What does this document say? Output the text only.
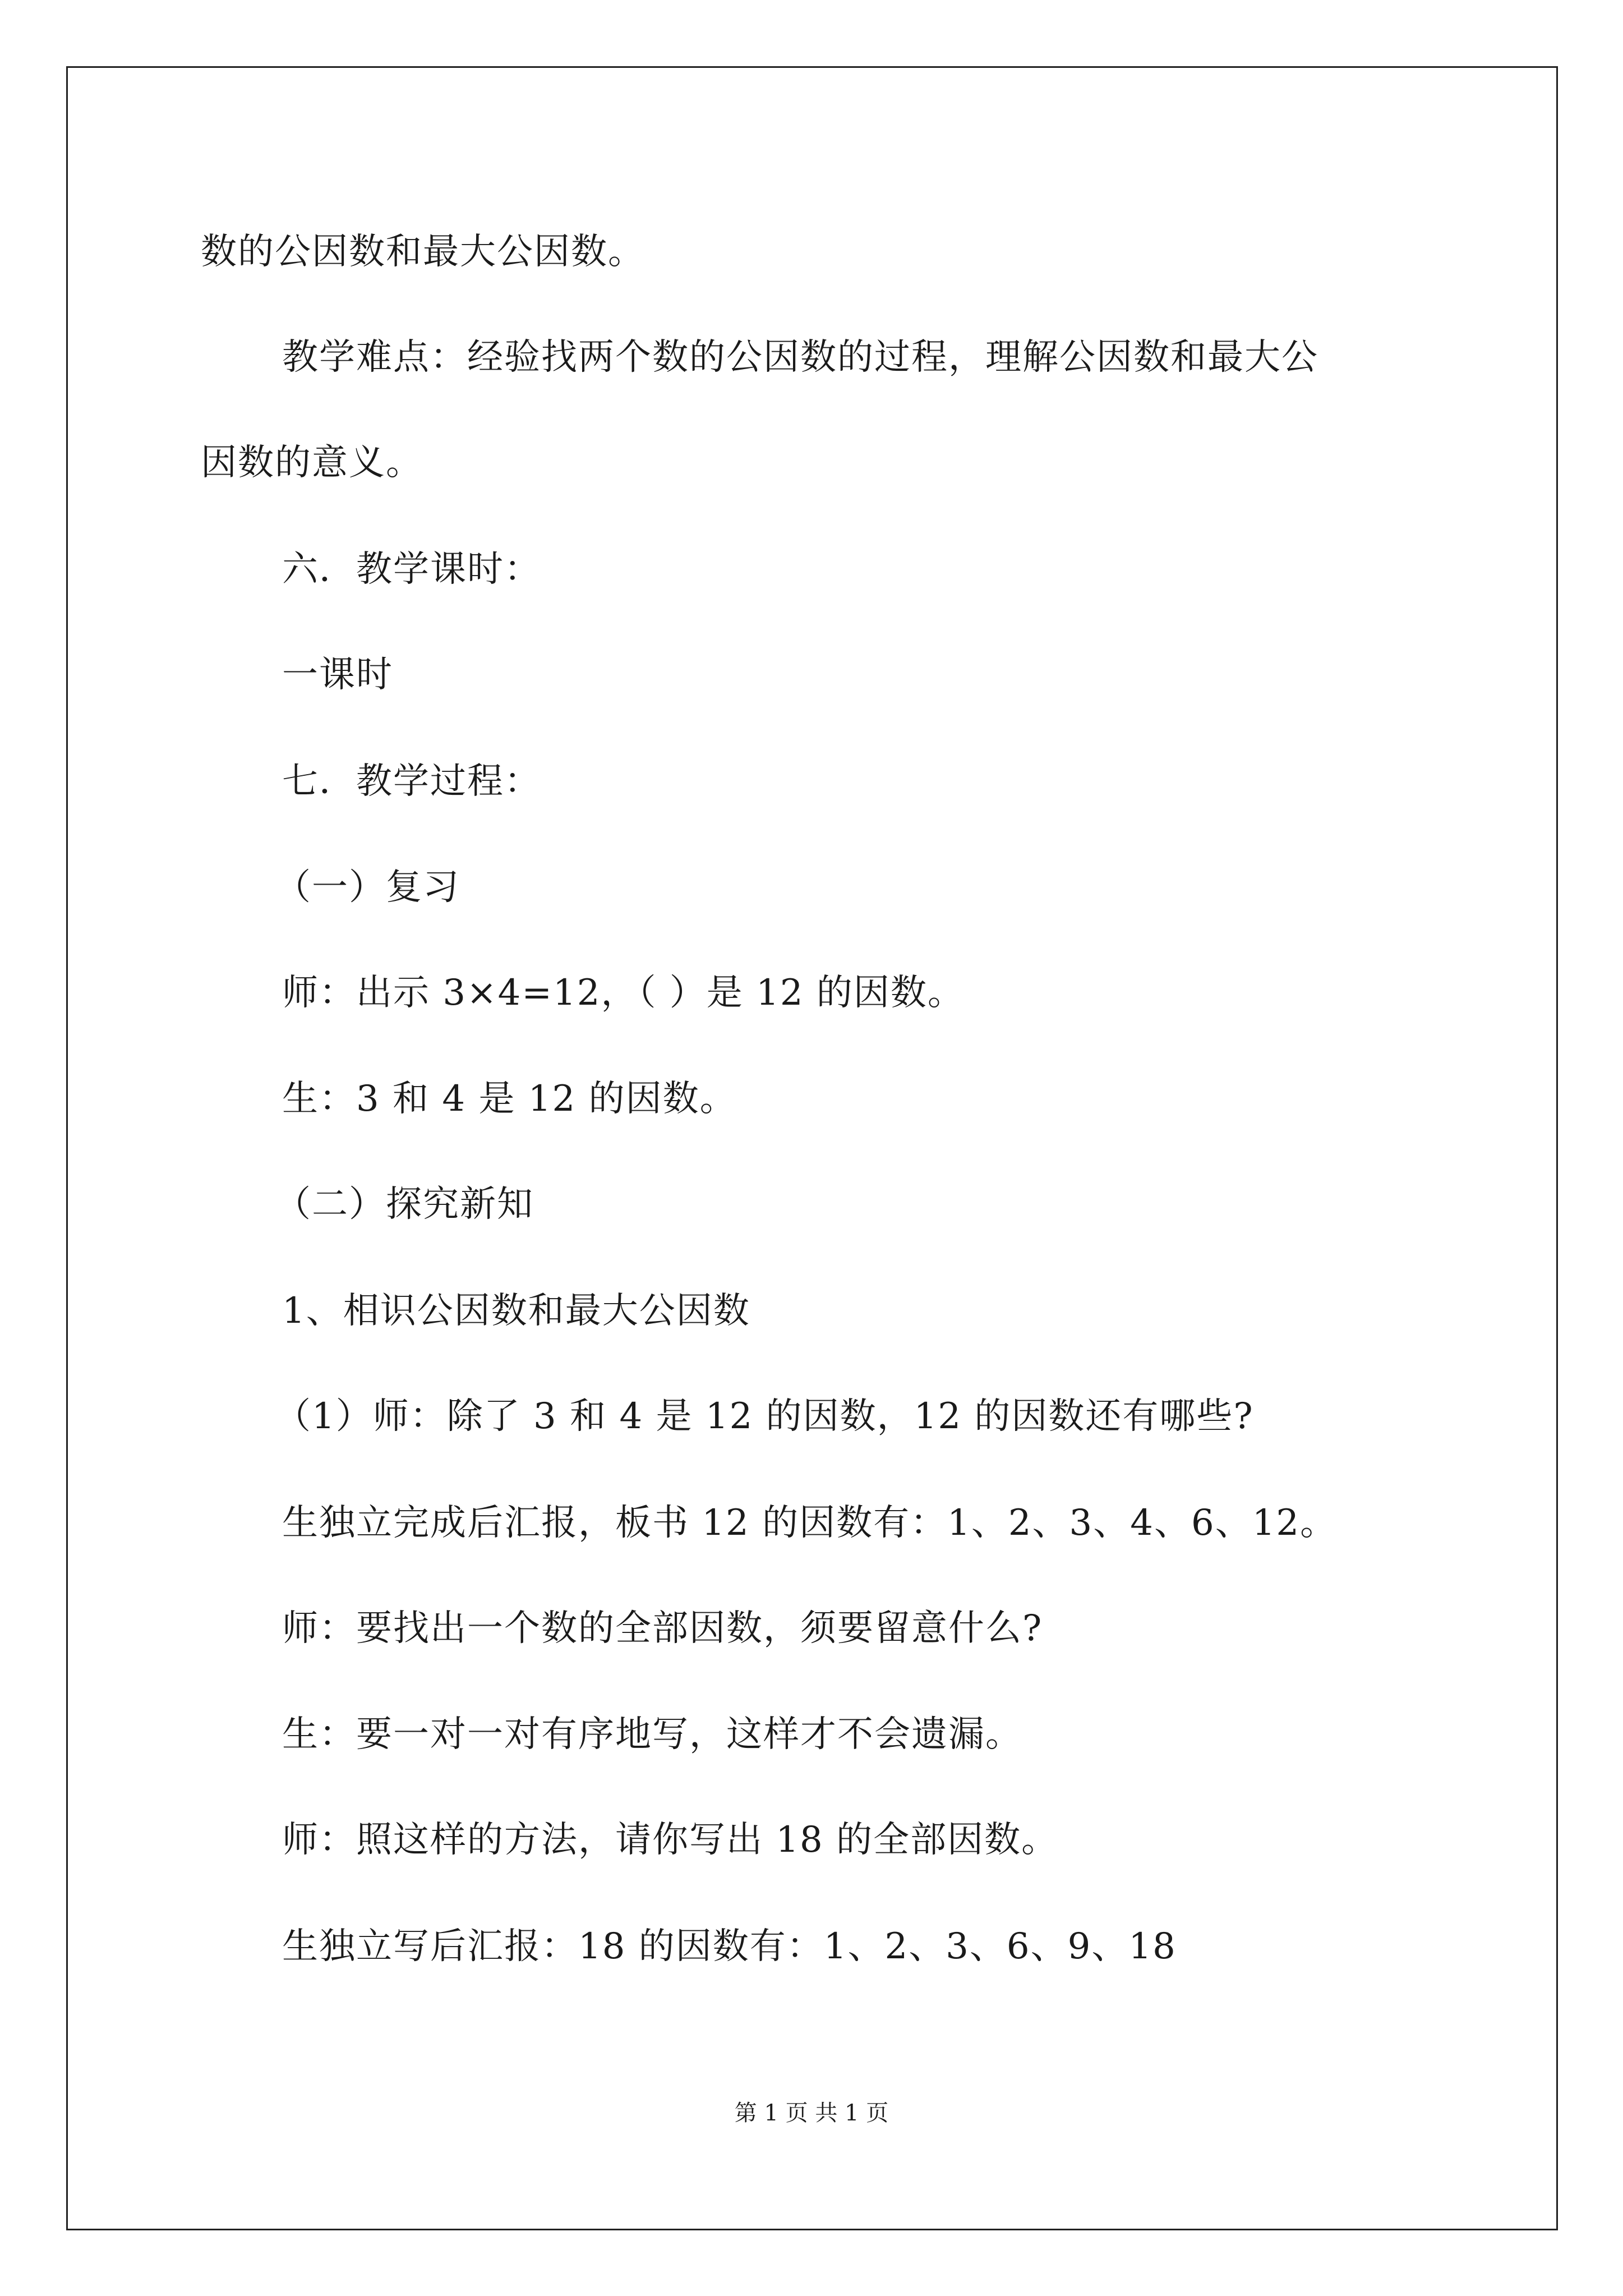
数的公因数和最大公因数。
教学难点：经验找两个数的公因数的过程，理解公因数和最大公
因数的意义。
六．教学课时：
一课时
七．教学过程：
（一）复习
师：出示 3×4=12，（ ）是 12 的因数。
生：3 和 4 是 12 的因数。
（二）探究新知
1、相识公因数和最大公因数
（1）师：除了 3 和 4 是 12 的因数，12 的因数还有哪些?
生独立完成后汇报，板书 12 的因数有：1、2、3、4、6、12。
师：要找出一个数的全部因数，须要留意什么?
生：要一对一对有序地写，这样才不会遗漏。
师：照这样的方法，请你写出 18 的全部因数。
生独立写后汇报：18 的因数有：1、2、3、6、9、18
第 1 页 共 1 页
